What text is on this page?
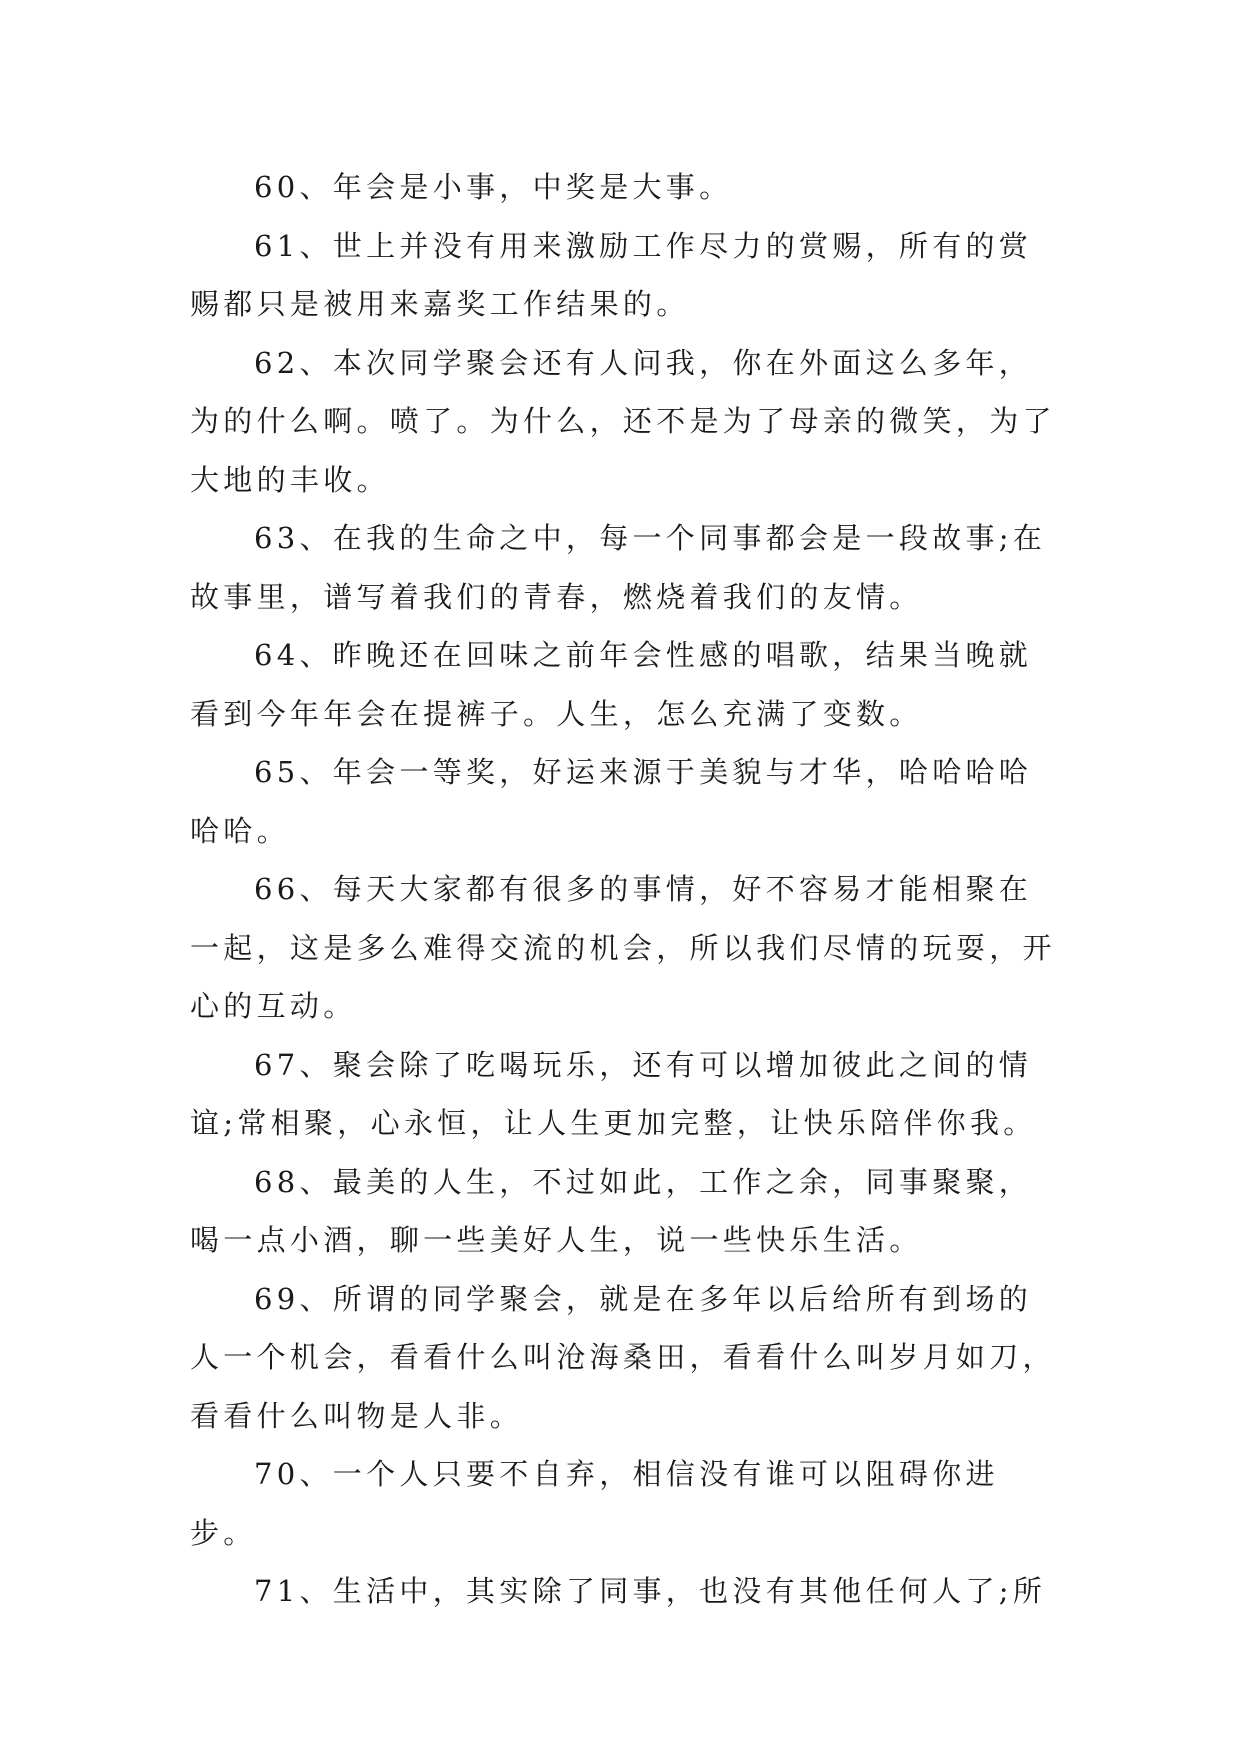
60、年会是小事，中奖是大事。

61、世上并没有用来激励工作尽力的赏赐，所有的赏赐都只是被用来嘉奖工作结果的。

62、本次同学聚会还有人问我，你在外面这么多年，为的什么啊。喷了。为什么，还不是为了母亲的微笑，为了大地的丰收。

63、在我的生命之中，每一个同事都会是一段故事;在故事里，谱写着我们的青春，燃烧着我们的友情。

64、昨晚还在回味之前年会性感的唱歌，结果当晚就看到今年年会在提裤子。人生，怎么充满了变数。

65、年会一等奖，好运来源于美貌与才华，哈哈哈哈哈哈。

66、每天大家都有很多的事情，好不容易才能相聚在一起，这是多么难得交流的机会，所以我们尽情的玩耍，开心的互动。

67、聚会除了吃喝玩乐，还有可以增加彼此之间的情谊;常相聚，心永恒，让人生更加完整，让快乐陪伴你我。

68、最美的人生，不过如此，工作之余，同事聚聚，喝一点小酒，聊一些美好人生，说一些快乐生活。

69、所谓的同学聚会，就是在多年以后给所有到场的人一个机会，看看什么叫沧海桑田，看看什么叫岁月如刀，看看什么叫物是人非。

70、一个人只要不自弃，相信没有谁可以阻碍你进步。

71、生活中，其实除了同事，也没有其他任何人了;所
